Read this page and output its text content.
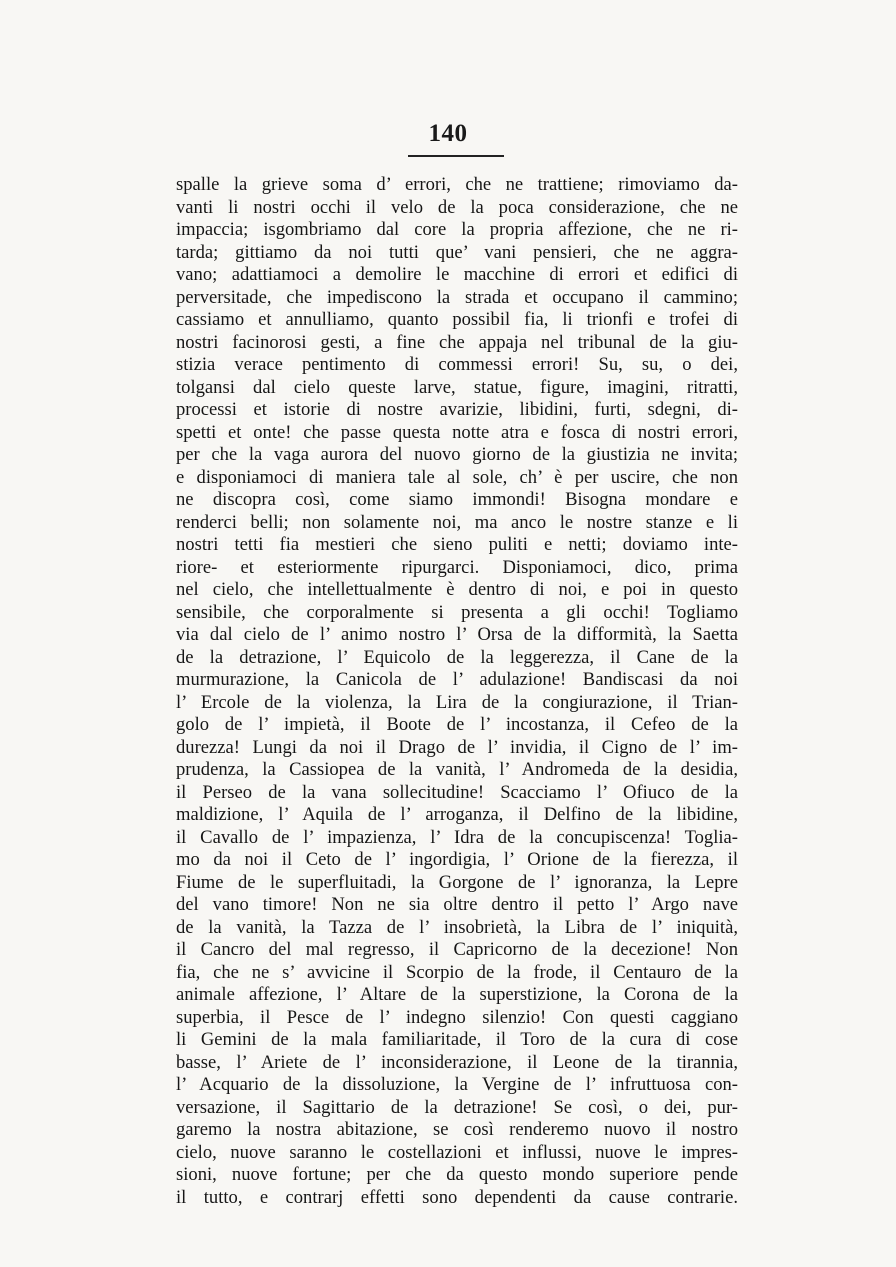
140
spalle la grieve soma d’ errori, che ne trattiene; rimoviamo da-
vanti li nostri occhi il velo de la poca considerazione, che ne
impaccia; isgombriamo dal core la propria affezione, che ne ri-
tarda; gittiamo da noi tutti que’ vani pensieri, che ne aggra-
vano; adattiamoci a demolire le macchine di errori et edifici di
perversitade, che impediscono la strada et occupano il cammino;
cassiamo et annulliamo, quanto possibil fia, li trionfi e trofei di
nostri facinorosi gesti, a fine che appaja nel tribunal de la giu-
stizia verace pentimento di commessi errori! Su, su, o dei,
tolgansi dal cielo queste larve, statue, figure, imagini, ritratti,
processi et istorie di nostre avarizie, libidini, furti, sdegni, di-
spetti et onte! che passe questa notte atra e fosca di nostri errori,
per che la vaga aurora del nuovo giorno de la giustizia ne invita;
e disponiamoci di maniera tale al sole, ch’ è per uscire, che non
ne discopra così, come siamo immondi! Bisogna mondare e
renderci belli; non solamente noi, ma anco le nostre stanze e li
nostri tetti fia mestieri che sieno puliti e netti; doviamo inte-
riore- et esteriormente ripurgarci. Disponiamoci, dico, prima
nel cielo, che intellettualmente è dentro di noi, e poi in questo
sensibile, che corporalmente si presenta a gli occhi! Togliamo
via dal cielo de l’ animo nostro l’ Orsa de la difformità, la Saetta
de la detrazione, l’ Equicolo de la leggerezza, il Cane de la
murmurazione, la Canicola de l’ adulazione! Bandiscasi da noi
l’ Ercole de la violenza, la Lira de la congiurazione, il Trian-
golo de l’ impietà, il Boote de l’ incostanza, il Cefeo de la
durezza! Lungi da noi il Drago de l’ invidia, il Cigno de l’ im-
prudenza, la Cassiopea de la vanità, l’ Andromeda de la desidia,
il Perseo de la vana sollecitudine! Scacciamo l’ Ofiuco de la
maldizione, l’ Aquila de l’ arroganza, il Delfino de la libidine,
il Cavallo de l’ impazienza, l’ Idra de la concupiscenza! Toglia-
mo da noi il Ceto de l’ ingordigia, l’ Orione de la fierezza, il
Fiume de le superfluitadi, la Gorgone de l’ ignoranza, la Lepre
del vano timore! Non ne sia oltre dentro il petto l’ Argo nave
de la vanità, la Tazza de l’ insobrietà, la Libra de l’ iniquità,
il Cancro del mal regresso, il Capricorno de la decezione! Non
fia, che ne s’ avvicine il Scorpio de la frode, il Centauro de la
animale affezione, l’ Altare de la superstizione, la Corona de la
superbia, il Pesce de l’ indegno silenzio! Con questi caggiano
li Gemini de la mala familiaritade, il Toro de la cura di cose
basse, l’ Ariete de l’ inconsiderazione, il Leone de la tirannia,
l’ Acquario de la dissoluzione, la Vergine de l’ infruttuosa con-
versazione, il Sagittario de la detrazione! Se così, o dei, pur-
garemo la nostra abitazione, se così renderemo nuovo il nostro
cielo, nuove saranno le costellazioni et influssi, nuove le impres-
sioni, nuove fortune; per che da questo mondo superiore pende
il tutto, e contrarj effetti sono dependenti da cause contrarie.
